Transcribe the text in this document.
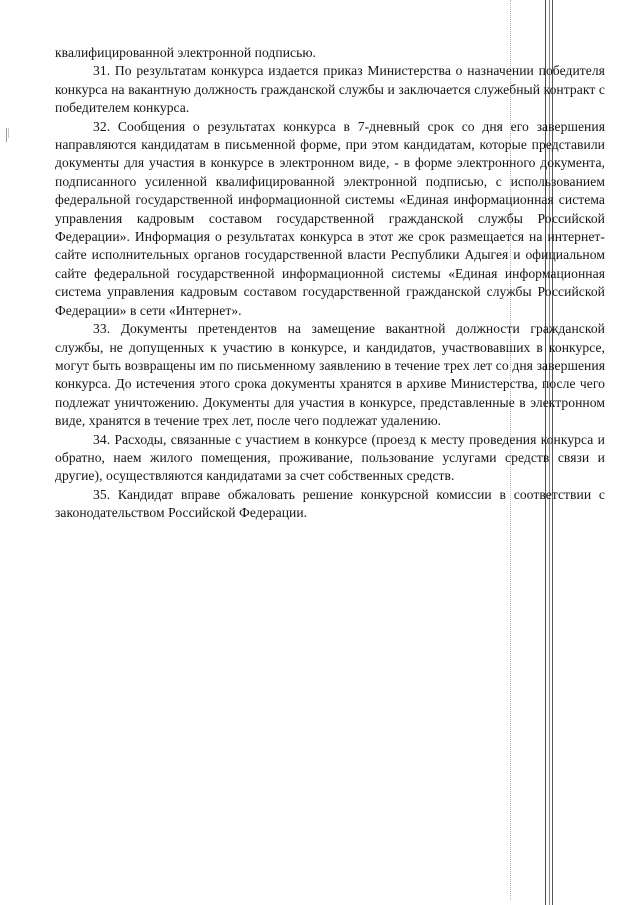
квалифицированной электронной подписью.

31. По результатам конкурса издается приказ Министерства о назначении победителя конкурса на вакантную должность гражданской службы и заключается служебный контракт с победителем конкурса.

32. Сообщения о результатах конкурса в 7-дневный срок со дня его завершения направляются кандидатам в письменной форме, при этом кандидатам, которые представили документы для участия в конкурсе в электронном виде, - в форме электронного документа, подписанного усиленной квалифицированной электронной подписью, с использованием федеральной государственной информационной системы «Единая информационная система управления кадровым составом государственной гражданской службы Российской Федерации». Информация о результатах конкурса в этот же срок размещается на интернет-сайте исполнительных органов государственной власти Республики Адыгея и официальном сайте федеральной государственной информационной системы «Единая информационная система управления кадровым составом государственной гражданской службы Российской Федерации» в сети «Интернет».

33. Документы претендентов на замещение вакантной должности гражданской службы, не допущенных к участию в конкурсе, и кандидатов, участвовавших в конкурсе, могут быть возвращены им по письменному заявлению в течение трех лет со дня завершения конкурса. До истечения этого срока документы хранятся в архиве Министерства, после чего подлежат уничтожению. Документы для участия в конкурсе, представленные в электронном виде, хранятся в течение трех лет, после чего подлежат удалению.

34. Расходы, связанные с участием в конкурсе (проезд к месту проведения конкурса и обратно, наем жилого помещения, проживание, пользование услугами средств связи и другие), осуществляются кандидатами за счет собственных средств.

35. Кандидат вправе обжаловать решение конкурсной комиссии в соответствии с законодательством Российской Федерации.
